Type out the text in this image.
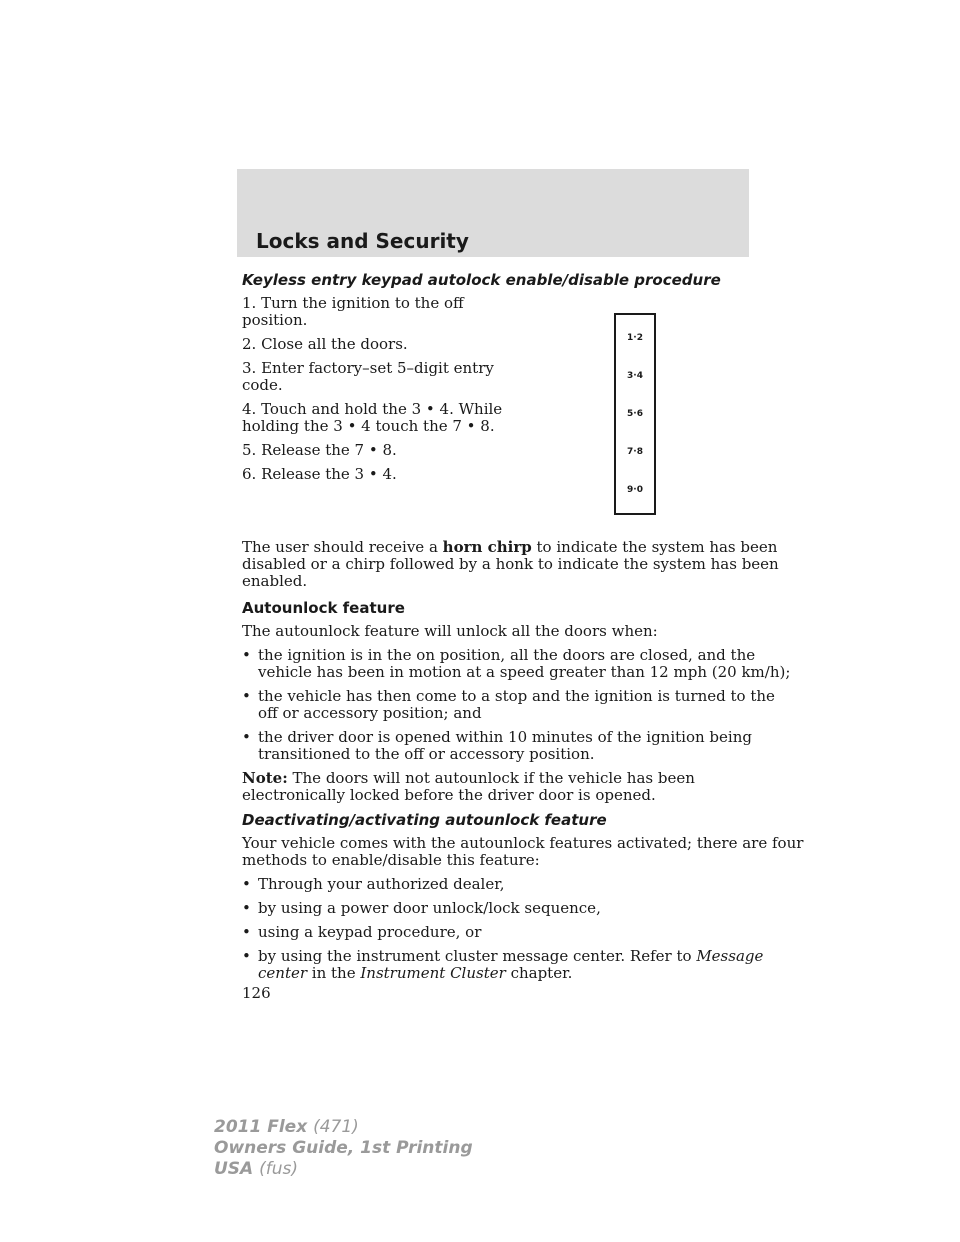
Locks and Security
Keyless entry keypad autolock enable/disable procedure
1. Turn the ignition to the off
position.
2. Close all the doors.
3. Enter factory–set 5–digit entry
code.
4. Touch and hold the 3 • 4. While
holding the 3 • 4 touch the 7 • 8.
5. Release the 7 • 8.
6. Release the 3 • 4.
1·2
3·4
5·6
7·8
9·0
The user should receive a horn chirp to indicate the system has been
disabled or a chirp followed by a honk to indicate the system has been
enabled.
Autounlock feature
The autounlock feature will unlock all the doors when:
• the ignition is in the on position, all the doors are closed, and the
vehicle has been in motion at a speed greater than 12 mph (20 km/h);
• the vehicle has then come to a stop and the ignition is turned to the
off or accessory position; and
• the driver door is opened within 10 minutes of the ignition being
transitioned to the off or accessory position.
Note: The doors will not autounlock if the vehicle has been
electronically locked before the driver door is opened.
Deactivating/activating autounlock feature
Your vehicle comes with the autounlock features activated; there are four
methods to enable/disable this feature:
• Through your authorized dealer,
• by using a power door unlock/lock sequence,
• using a keypad procedure, or
• by using the instrument cluster message center. Refer to Message
center in the Instrument Cluster chapter.
126
2011 Flex (471)
Owners Guide, 1st Printing
USA (fus)
